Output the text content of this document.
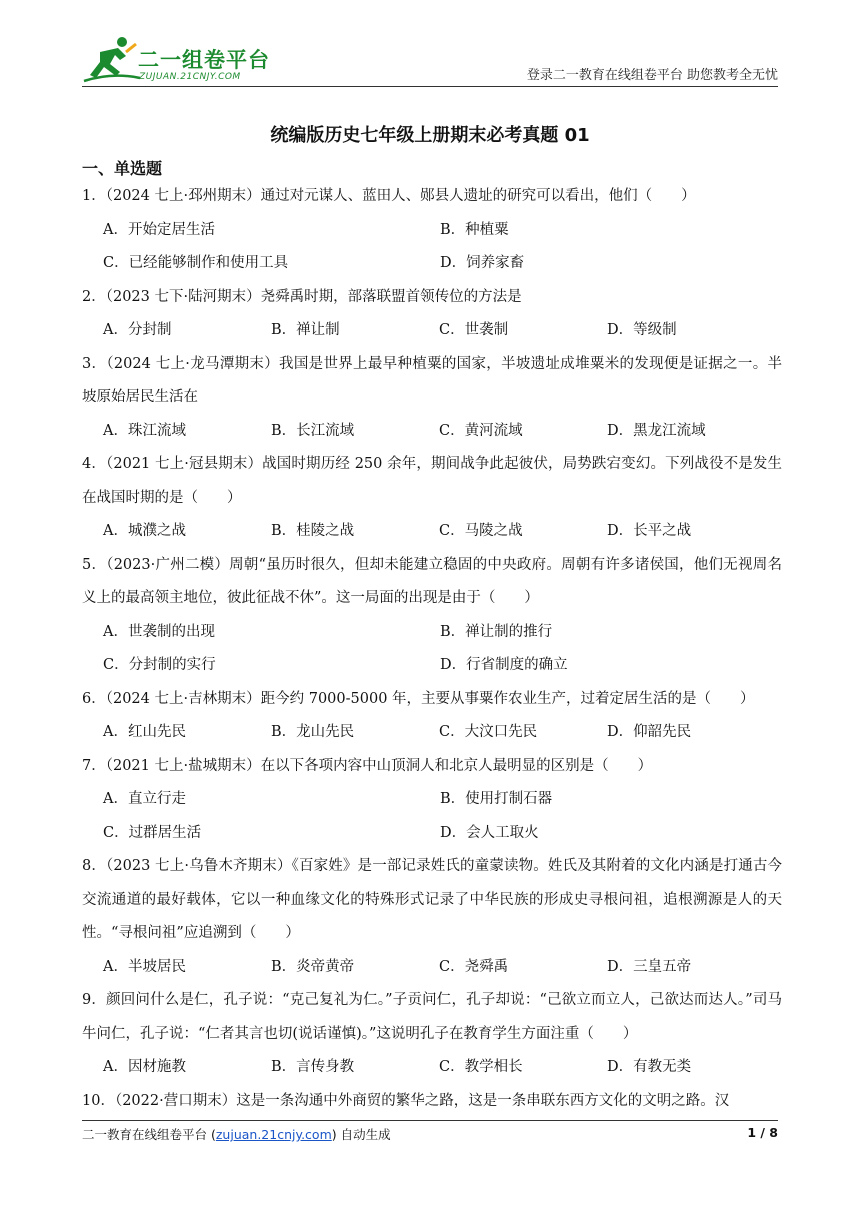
二一组卷平台
ZUJUAN.21CNJY.COM	登录二一教育在线组卷平台 助您教考全无忧
统编版历史七年级上册期末必考真题 01
一、单选题
1．（2024 七上·邳州期末）通过对元谋人、蓝田人、郧县人遗址的研究可以看出，他们（　　）
A．开始定居生活	B．种植粟
C．已经能够制作和使用工具	D．饲养家畜
2．（2023 七下·陆河期末）尧舜禹时期，部落联盟首领传位的方法是
A．分封制	B．禅让制	C．世袭制	D．等级制
3．（2024 七上·龙马潭期末）我国是世界上最早种植粟的国家，半坡遗址成堆粟米的发现便是证据之一。半坡原始居民生活在
A．珠江流域	B．长江流域	C．黄河流域	D．黑龙江流域
4．（2021 七上·冠县期末）战国时期历经 250 余年，期间战争此起彼伏，局势跌宕变幻。下列战役不是发生在战国时期的是（　　）
A．城濮之战	B．桂陵之战	C．马陵之战	D．长平之战
5．（2023·广州二模）周朝“虽历时很久，但却未能建立稳固的中央政府。周朝有许多诸侯国，他们无视周名义上的最高领主地位，彼此征战不休”。这一局面的出现是由于（　　）
A．世袭制的出现	B．禅让制的推行
C．分封制的实行	D．行省制度的确立
6．（2024 七上·吉林期末）距今约 7000-5000 年，主要从事粟作农业生产，过着定居生活的是（　　）
A．红山先民	B．龙山先民	C．大汶口先民	D．仰韶先民
7．（2021 七上·盐城期末）在以下各项内容中山顶洞人和北京人最明显的区别是（　　）
A．直立行走	B．使用打制石器
C．过群居生活	D．会人工取火
8．（2023 七上·乌鲁木齐期末）《百家姓》是一部记录姓氏的童蒙读物。姓氏及其附着的文化内涵是打通古今交流通道的最好载体，它以一种血缘文化的特殊形式记录了中华民族的形成史寻根问祖，追根溯源是人的天性。“寻根问祖”应追溯到（　　）
A．半坡居民	B．炎帝黄帝	C．尧舜禹	D．三皇五帝
9．颜回问什么是仁，孔子说：“克己复礼为仁。”子贡问仁，孔子却说：“己欲立而立人，己欲达而达人。”司马牛问仁，孔子说：“仁者其言也切(说话谨慎)。”这说明孔子在教育学生方面注重（　　）
A．因材施教	B．言传身教	C．教学相长	D．有教无类
10．（2022·营口期末）这是一条沟通中外商贸的繁华之路，这是一条串联东西方文化的文明之路。汉
二一教育在线组卷平台 (zujuan.21cnjy.com) 自动生成	1 / 8
